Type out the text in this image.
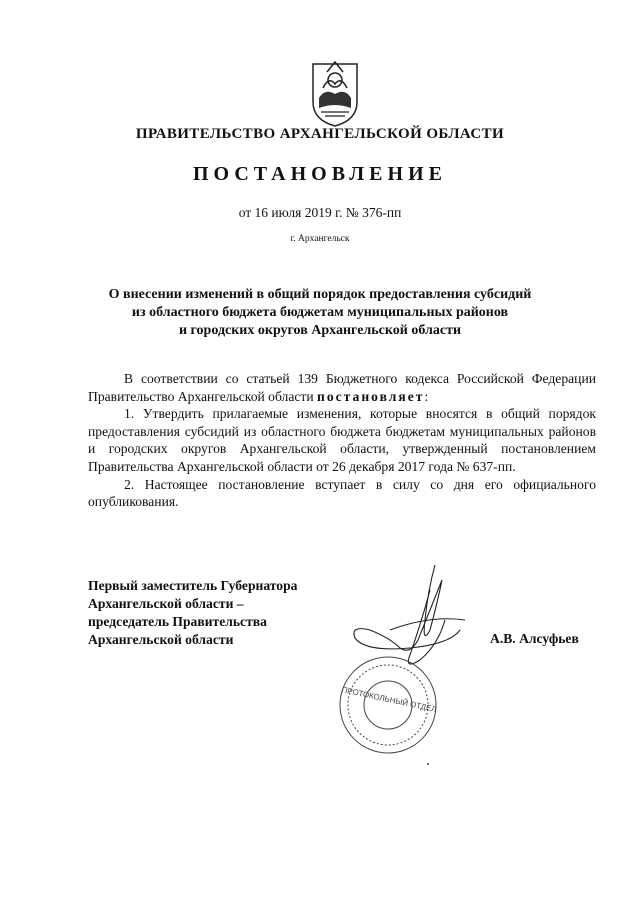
ПРАВИТЕЛЬСТВО АРХАНГЕЛЬСКОЙ ОБЛАСТИ
ПОСТАНОВЛЕНИЕ
от 16 июля 2019 г. № 376-пп
г. Архангельск
О внесении изменений в общий порядок предоставления субсидий
из областного бюджета бюджетам муниципальных районов
и городских округов Архангельской области

В соответствии со статьей 139 Бюджетного кодекса Российской Федерации Правительство Архангельской области постановляет:

1. Утвердить прилагаемые изменения, которые вносятся в общий порядок предоставления субсидий из областного бюджета бюджетам муниципальных районов и городских округов Архангельской области, утвержденный постановлением Правительства Архангельской области от 26 декабря 2017 года № 637-пп.

2. Настоящее постановление вступает в силу со дня его официального опубликования.

Первый заместитель Губернатора
Архангельской области –
председатель Правительства
Архангельской области	А.В. Алсуфьев
ПРОТОКОЛЬНЫЙ ОТДЕЛ
